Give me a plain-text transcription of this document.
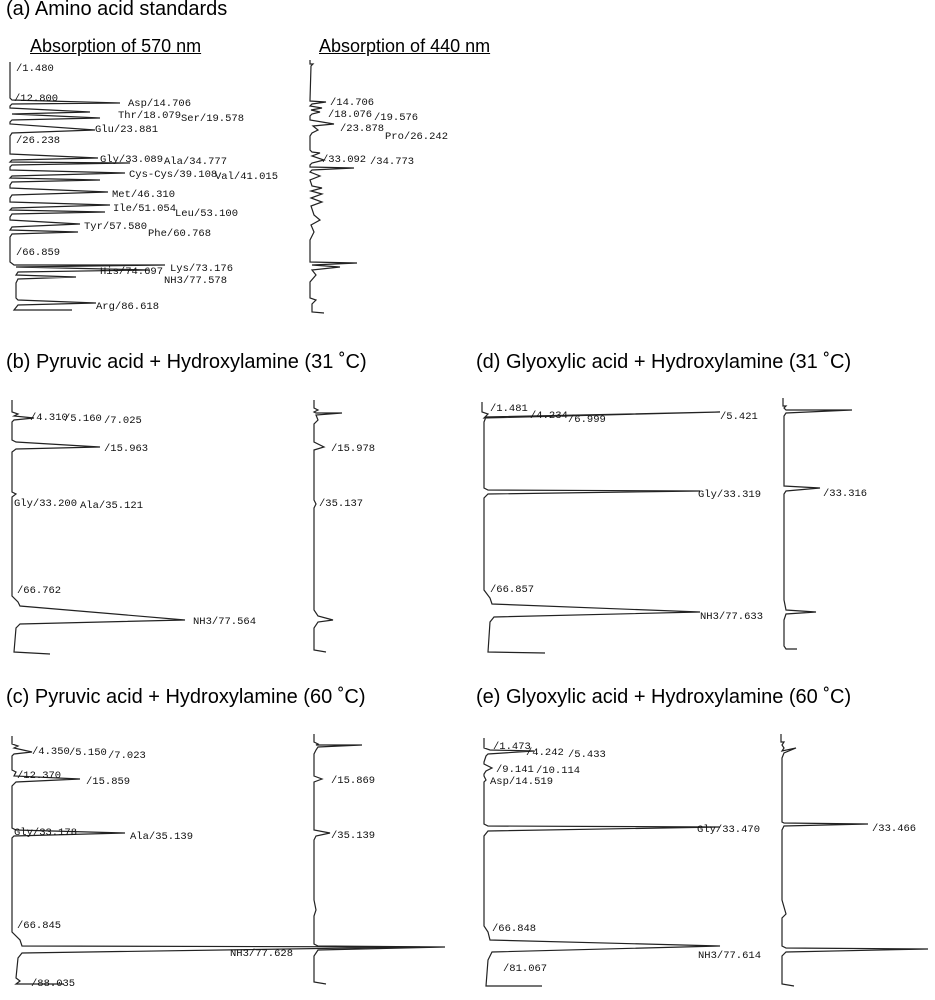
(a) Amino acid standards
Absorption of 570 nm	Absorption of 440 nm
(b) Pyruvic acid + Hydroxylamine (31 ˚C)	(d) Glyoxylic acid + Hydroxylamine (31 ˚C)
(c) Pyruvic acid + Hydroxylamine (60 ˚C)	(e) Glyoxylic acid + Hydroxylamine (60 ˚C)
/1.480
/12.800	Asp/14.706
Thr/18.079 Ser/19.578
Glu/23.881
/26.238
Gly/33.089 Ala/34.777
Cys-Cys/39.108
Val/41.015
Met/46.310
Ile/51.054
Leu/53.100
Tyr/57.580
Phe/60.768
/66.859
Lys/73.176
His/74.697
NH3/77.578
Arg/86.618
/14.706
/18.076 /19.576
/23.878
Pro/26.242
/33.092 /34.773
/4.310
/5.160 /7.025
/15.963
Gly/33.200 Ala/35.121
/66.762
NH3/77.564
/15.978
/35.137
/1.481
/4.234	/5.421
/6.999
Gly/33.319
/66.857
NH3/77.633
/33.316
/4.350 /5.150 /7.023
/12.370 /15.859
Gly/33.178	Ala/35.139
/66.845
NH3/77.628
/88.035
/15.869
/35.139
/1.473
/4.242 /5.433
/9.141 /10.114
Asp/14.519
Gly/33.470
/66.848
NH3/77.614
/81.067
/33.466
